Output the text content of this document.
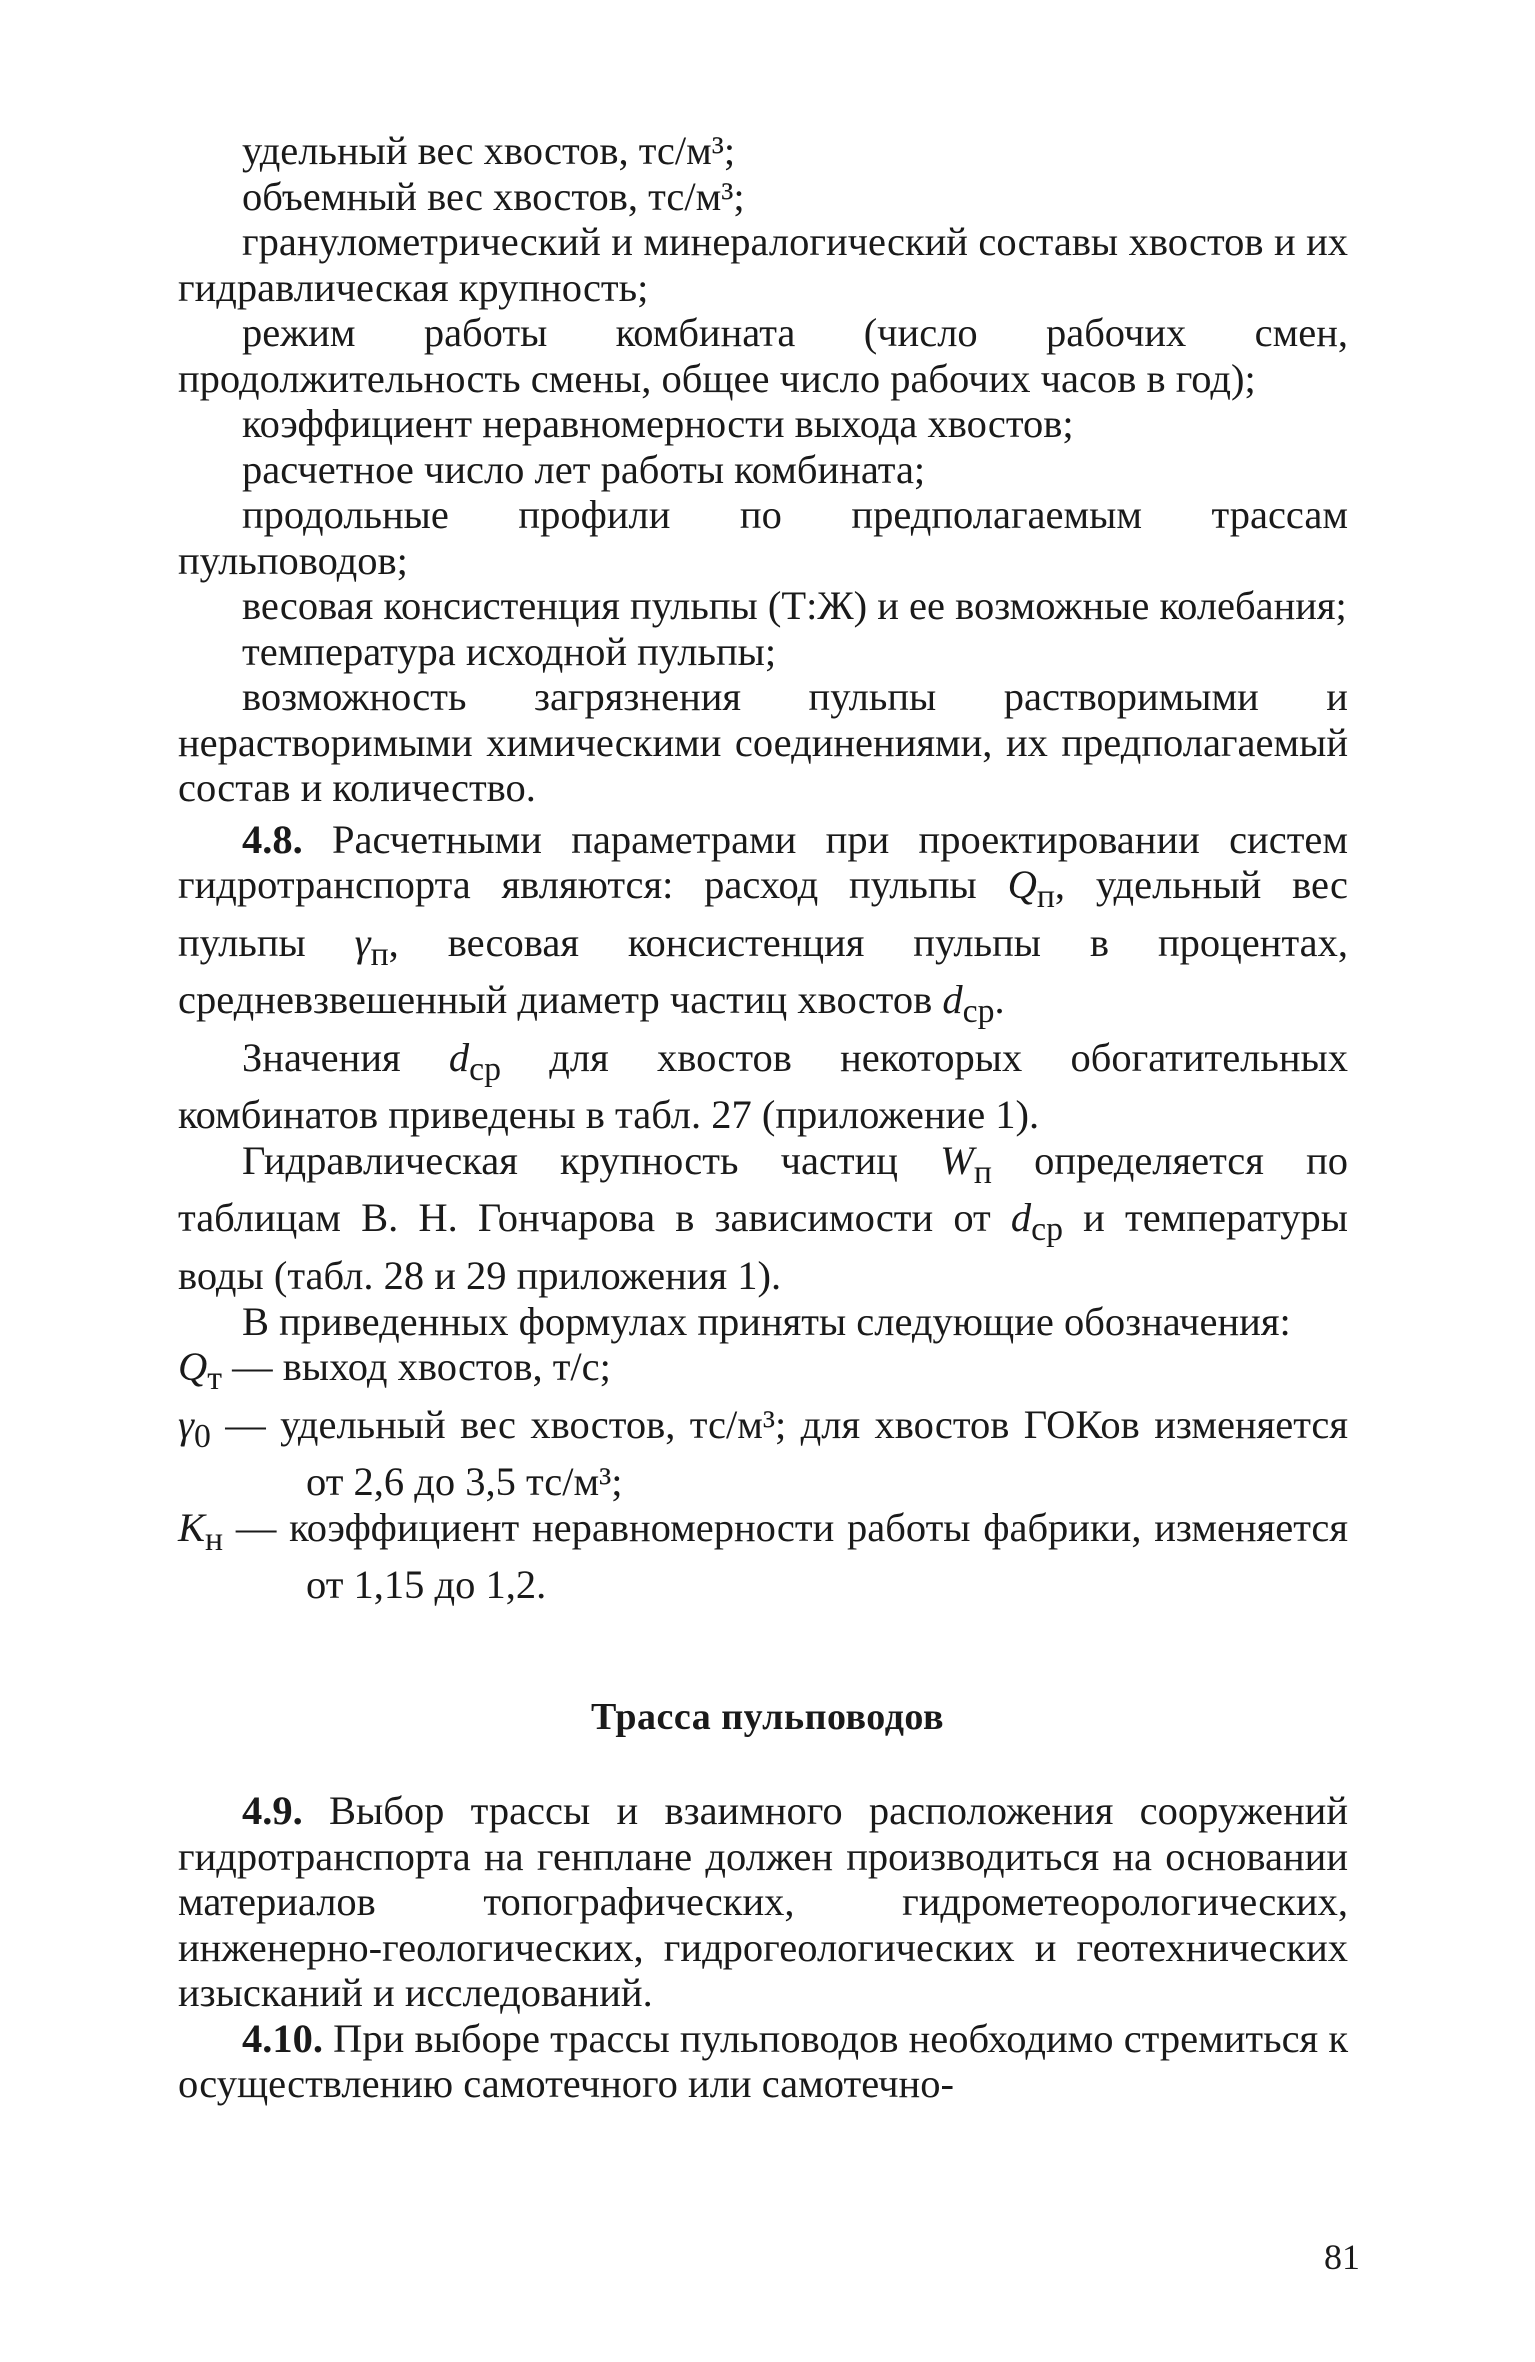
удельный вес хвостов, тс/м³;

объемный вес хвостов, тс/м³;

гранулометрический и минералогический составы хвостов и их гидравлическая крупность;

режим работы комбината (число рабочих смен, продолжительность смены, общее число рабочих часов в год);

коэффициент неравномерности выхода хвостов;

расчетное число лет работы комбината;

продольные профили по предполагаемым трассам пульповодов;

весовая консистенция пульпы (Т:Ж) и ее возможные колебания;

температура исходной пульпы;

возможность загрязнения пульпы растворимыми и нерастворимыми химическими соединениями, их предполагаемый состав и количество.

4.8. Расчетными параметрами при проектировании систем гидротранспорта являются: расход пульпы $Q_п$, удельный вес пульпы $\gamma_п$, весовая консистенция пульпы в процентах, средневзвешенный диаметр частиц хвостов $d_{ср}$.

Значения $d_{ср}$ для хвостов некоторых обогатительных комбинатов приведены в табл. 27 (приложение 1).

Гидравлическая крупность частиц $W_п$ определяется по таблицам В. Н. Гончарова в зависимости от $d_{ср}$ и температуры воды (табл. 28 и 29 приложения 1).

В приведенных формулах приняты следующие обозначения:

$Q_т$ — выход хвостов, т/с;

$\gamma_0$ — удельный вес хвостов, тс/м³; для хвостов ГОКов изменяется от 2,6 до 3,5 тс/м³;

$K_н$ — коэффициент неравномерности работы фабрики, изменяется от 1,15 до 1,2.

Трасса пульповодов

4.9. Выбор трассы и взаимного расположения сооружений гидротранспорта на генплане должен производиться на основании материалов топографических, гидрометеорологических, инженерно-геологических, гидрогеологических и геотехнических изысканий и исследований.

4.10. При выборе трассы пульповодов необходимо стремиться к осуществлению самотечного или самотечно-

81
